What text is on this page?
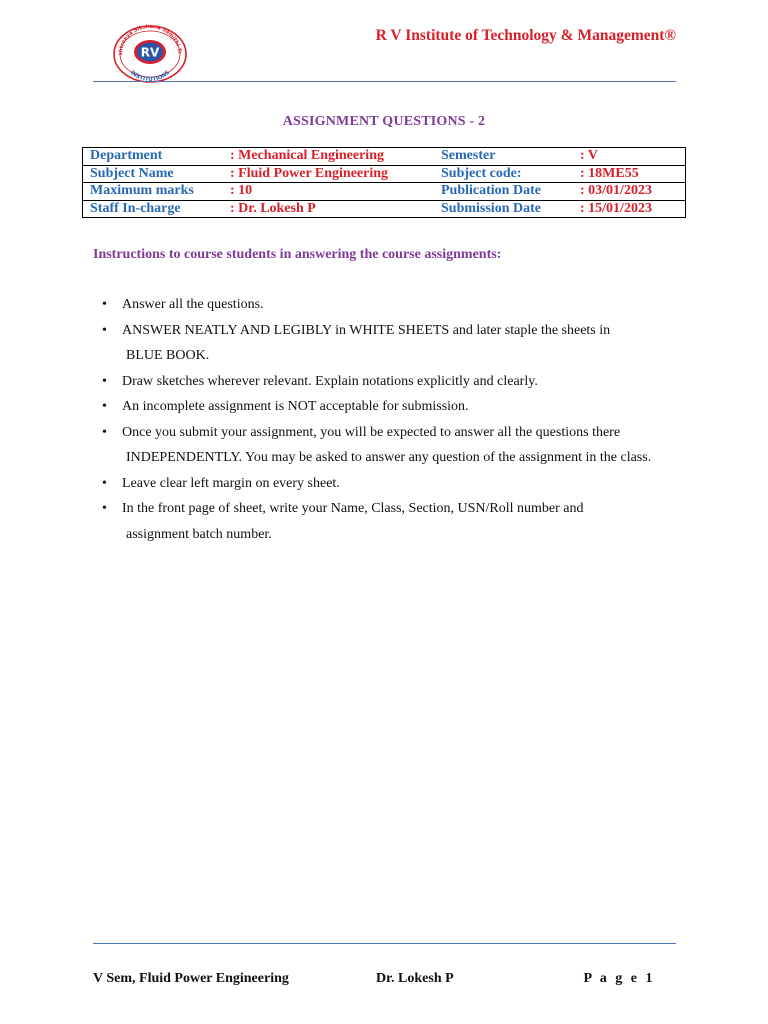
shtreeya Sikshana Samithi Tr
INSTITUTIONS
RV
R V Institute of Technology & Management®
ASSIGNMENT QUESTIONS - 2
Department	: Mechanical Engineering	Semester	: V
Subject Name	: Fluid Power Engineering	Subject code:	: 18ME55
Maximum marks	: 10	Publication Date	: 03/01/2023
Staff In-charge	: Dr. Lokesh P	Submission Date	: 15/01/2023
Instructions to course students in answering the course assignments:
• Answer all the questions.
• ANSWER NEATLY AND LEGIBLY in WHITE SHEETS and later staple the sheets in
BLUE BOOK.
• Draw sketches wherever relevant. Explain notations explicitly and clearly.
• An incomplete assignment is NOT acceptable for submission.
• Once you submit your assignment, you will be expected to answer all the questions there
INDEPENDENTLY. You may be asked to answer any question of the assignment in the class.
• Leave clear left margin on every sheet.
• In the front page of sheet, write your Name, Class, Section, USN/Roll number and
assignment batch number.
V Sem, Fluid Power Engineering	Dr. Lokesh P	P a g e 1
